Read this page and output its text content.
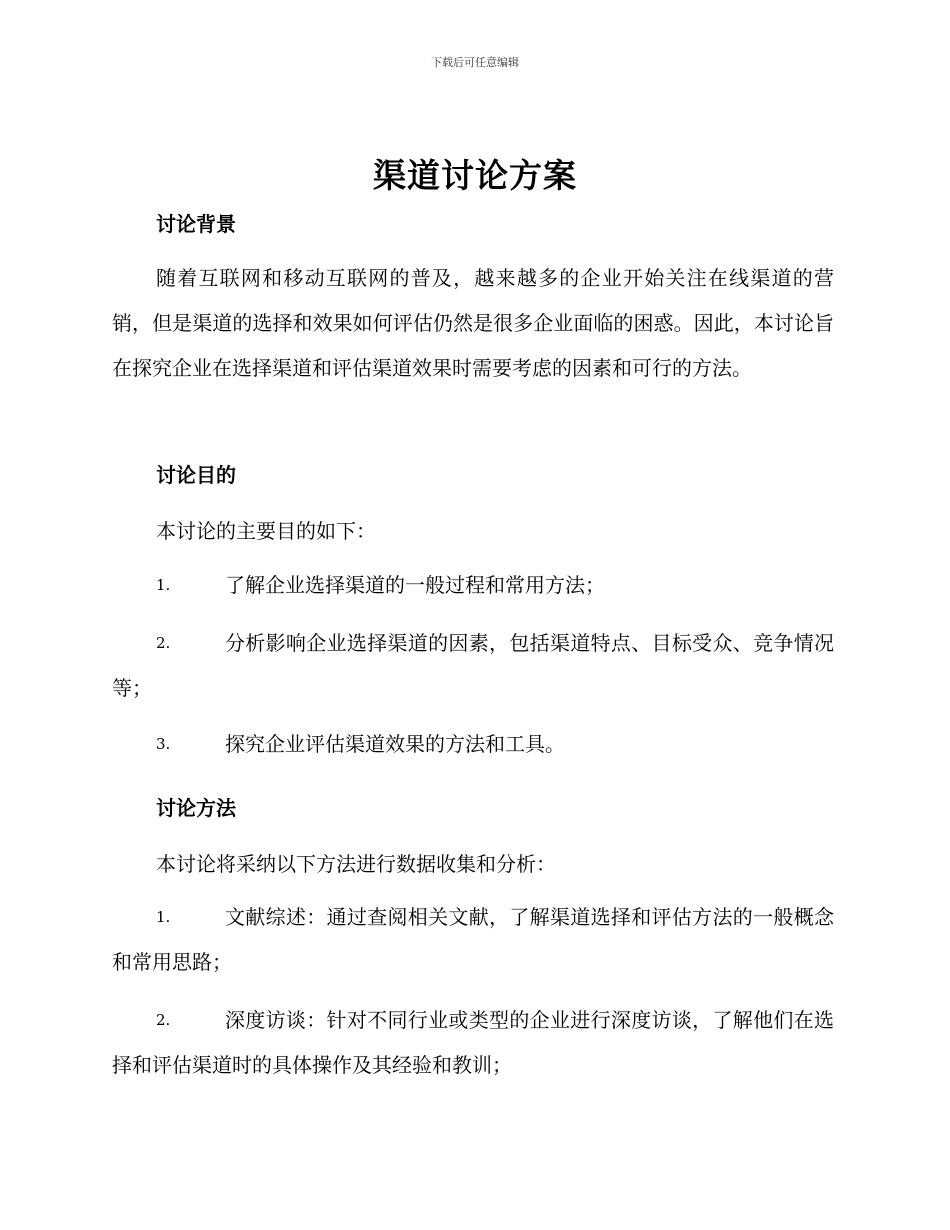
下载后可任意编辑
渠道讨论方案
讨论背景
随着互联网和移动互联网的普及，越来越多的企业开始关注在线渠道的营销，但是渠道的选择和效果如何评估仍然是很多企业面临的困惑。因此，本讨论旨在探究企业在选择渠道和评估渠道效果时需要考虑的因素和可行的方法。
讨论目的
本讨论的主要目的如下：
1.	了解企业选择渠道的一般过程和常用方法；
2.	分析影响企业选择渠道的因素，包括渠道特点、目标受众、竞争情况等；
3.	探究企业评估渠道效果的方法和工具。
讨论方法
本讨论将采纳以下方法进行数据收集和分析：
1.	文献综述：通过查阅相关文献，了解渠道选择和评估方法的一般概念和常用思路；
2.	深度访谈：针对不同行业或类型的企业进行深度访谈，了解他们在选择和评估渠道时的具体操作及其经验和教训；
